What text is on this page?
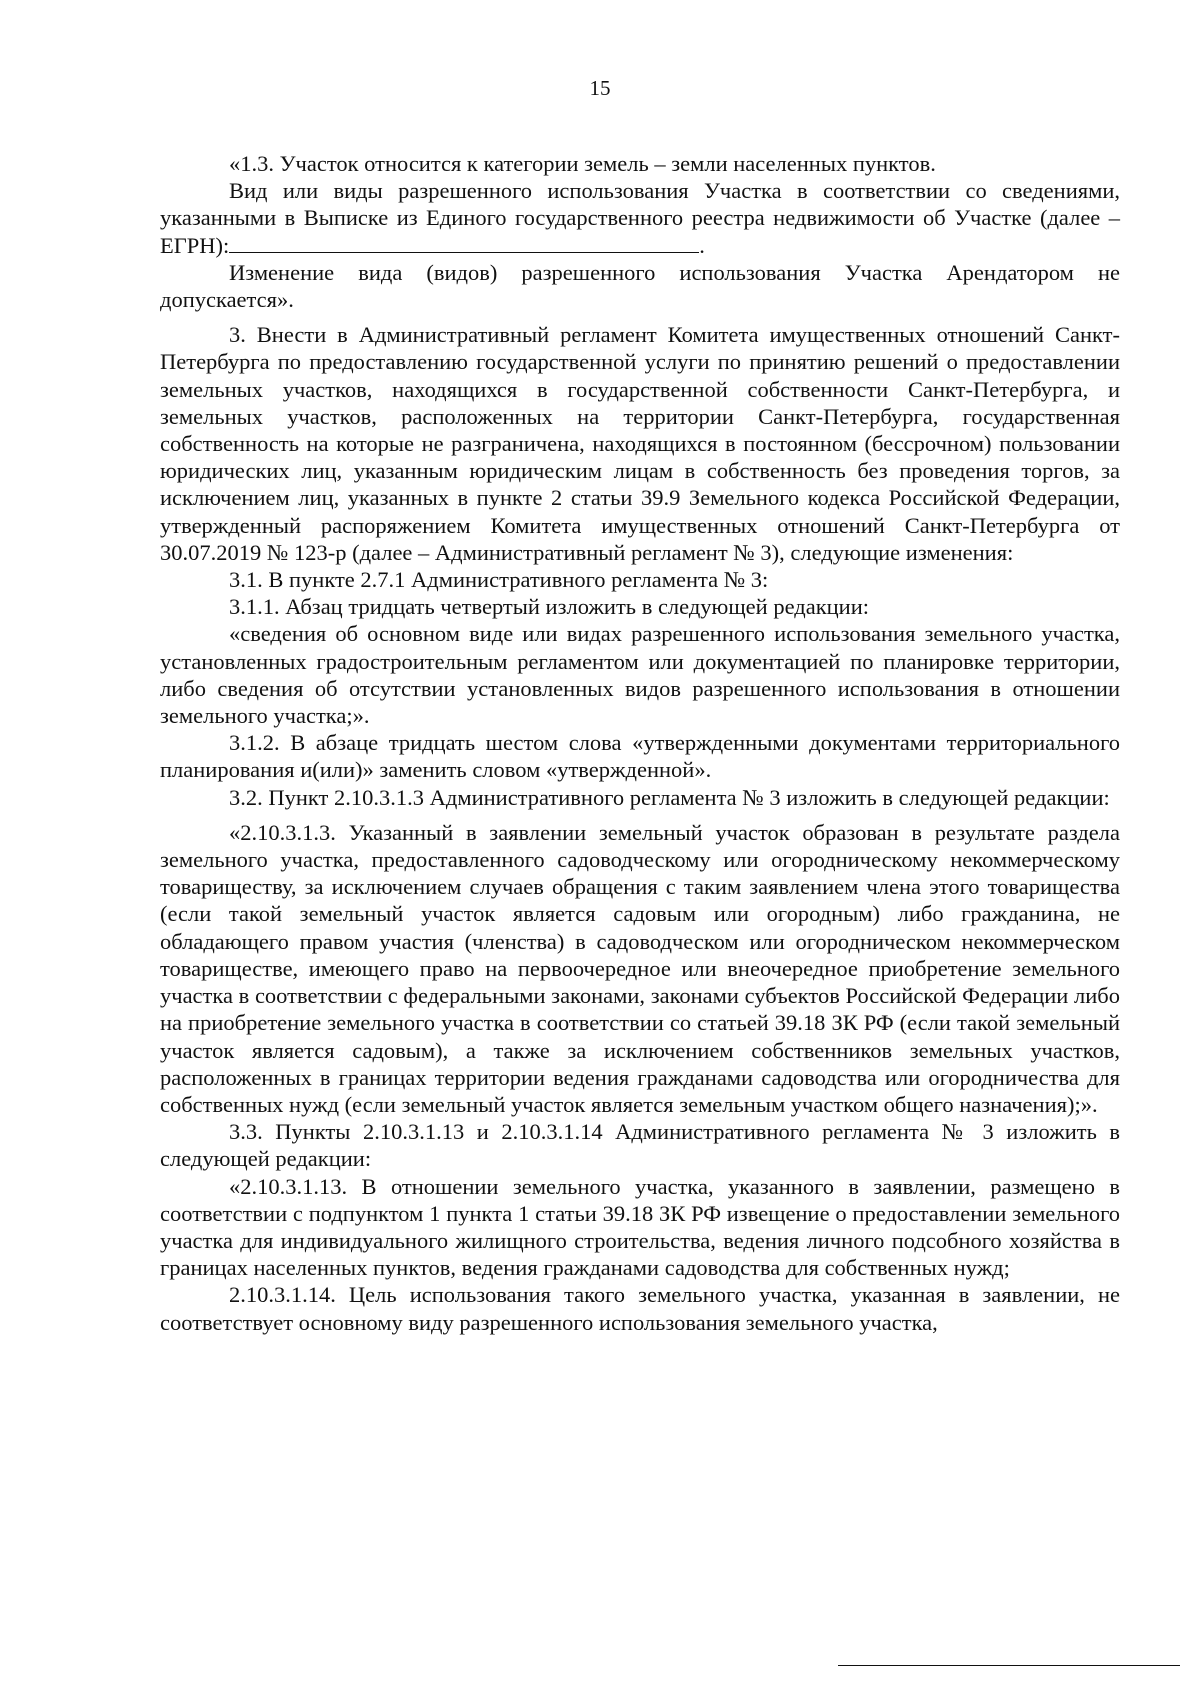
15

«1.3. Участок относится к категории земель – земли населенных пунктов.

Вид или виды разрешенного использования Участка в соответствии со сведениями, указанными в Выписке из Единого государственного реестра недвижимости об Участке (далее – ЕГРН):	.

Изменение вида (видов) разрешенного использования Участка Арендатором не допускается».

3. Внести в Административный регламент Комитета имущественных отношений Санкт-Петербурга по предоставлению государственной услуги по принятию решений о предоставлении земельных участков, находящихся в государственной собственности Санкт-Петербурга, и земельных участков, расположенных на территории Санкт-Петербурга, государственная собственность на которые не разграничена, находящихся в постоянном (бессрочном) пользовании юридических лиц, указанным юридическим лицам в собственность без проведения торгов, за исключением лиц, указанных в пункте 2 статьи 39.9 Земельного кодекса Российской Федерации, утвержденный распоряжением Комитета имущественных отношений Санкт-Петербурга от 30.07.2019 № 123-р (далее – Административный регламент № 3), следующие изменения:

3.1. В пункте 2.7.1 Административного регламента № 3:

3.1.1. Абзац тридцать четвертый изложить в следующей редакции:

«сведения об основном виде или видах разрешенного использования земельного участка, установленных градостроительным регламентом или документацией по планировке территории, либо сведения об отсутствии установленных видов разрешенного использования в отношении земельного участка;».

3.1.2. В абзаце тридцать шестом слова «утвержденными документами территориального планирования и(или)» заменить словом «утвержденной».

3.2. Пункт 2.10.3.1.3 Административного регламента № 3 изложить в следующей редакции:

«2.10.3.1.3. Указанный в заявлении земельный участок образован в результате раздела земельного участка, предоставленного садоводческому или огородническому некоммерческому товариществу, за исключением случаев обращения с таким заявлением члена этого товарищества (если такой земельный участок является садовым или огородным) либо гражданина, не обладающего правом участия (членства) в садоводческом или огородническом некоммерческом товариществе, имеющего право на первоочередное или внеочередное приобретение земельного участка в соответствии с федеральными законами, законами субъектов Российской Федерации либо на приобретение земельного участка в соответствии со статьей 39.18 ЗК РФ (если такой земельный участок является садовым), а также за исключением собственников земельных участков, расположенных в границах территории ведения гражданами садоводства или огородничества для собственных нужд (если земельный участок является земельным участком общего назначения);».

3.3. Пункты 2.10.3.1.13 и 2.10.3.1.14 Административного регламента № 3 изложить в следующей редакции:

«2.10.3.1.13. В отношении земельного участка, указанного в заявлении, размещено в соответствии с подпунктом 1 пункта 1 статьи 39.18 ЗК РФ извещение о предоставлении земельного участка для индивидуального жилищного строительства, ведения личного подсобного хозяйства в границах населенных пунктов, ведения гражданами садоводства для собственных нужд;

2.10.3.1.14. Цель использования такого земельного участка, указанная в заявлении, не соответствует основному виду разрешенного использования земельного участка,
